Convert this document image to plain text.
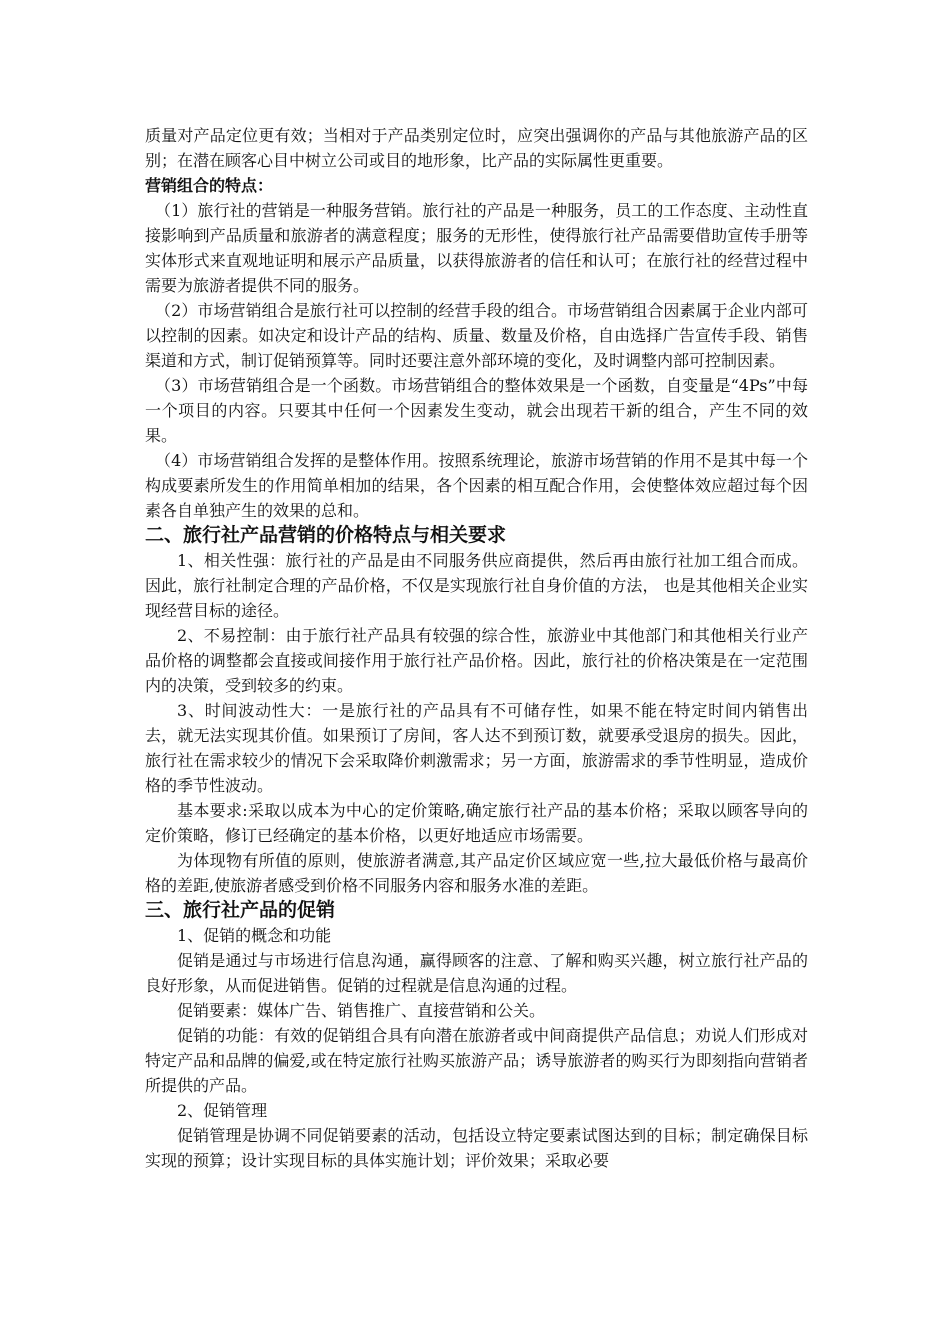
质量对产品定位更有效；当相对于产品类别定位时，应突出强调你的产品与其他旅游产品的区别；在潜在顾客心目中树立公司或目的地形象，比产品的实际属性更重要。

营销组合的特点：

（1）旅行社的营销是一种服务营销。旅行社的产品是一种服务，员工的工作态度、主动性直接影响到产品质量和旅游者的满意程度；服务的无形性，使得旅行社产品需要借助宣传手册等实体形式来直观地证明和展示产品质量，以获得旅游者的信任和认可；在旅行社的经营过程中需要为旅游者提供不同的服务。

（2）市场营销组合是旅行社可以控制的经营手段的组合。市场营销组合因素属于企业内部可以控制的因素。如决定和设计产品的结构、质量、数量及价格，自由选择广告宣传手段、销售渠道和方式，制订促销预算等。同时还要注意外部环境的变化，及时调整内部可控制因素。

（3）市场营销组合是一个函数。市场营销组合的整体效果是一个函数，自变量是“4Ps”中每一个项目的内容。只要其中任何一个因素发生变动，就会出现若干新的组合，产生不同的效果。

（4）市场营销组合发挥的是整体作用。按照系统理论，旅游市场营销的作用不是其中每一个构成要素所发生的作用简单相加的结果，各个因素的相互配合作用，会使整体效应超过每个因素各自单独产生的效果的总和。

二、旅行社产品营销的价格特点与相关要求

1、相关性强：旅行社的产品是由不同服务供应商提供，然后再由旅行社加工组合而成。因此，旅行社制定合理的产品价格，不仅是实现旅行社自身价值的方法， 也是其他相关企业实现经营目标的途径。

2、不易控制：由于旅行社产品具有较强的综合性，旅游业中其他部门和其他相关行业产品价格的调整都会直接或间接作用于旅行社产品价格。因此，旅行社的价格决策是在一定范围内的决策，受到较多的约束。

3、时间波动性大：一是旅行社的产品具有不可储存性，如果不能在特定时间内销售出去，就无法实现其价值。如果预订了房间，客人达不到预订数，就要承受退房的损失。因此，旅行社在需求较少的情况下会采取降价刺激需求；另一方面，旅游需求的季节性明显，造成价格的季节性波动。

基本要求:采取以成本为中心的定价策略,确定旅行社产品的基本价格；采取以顾客导向的定价策略，修订已经确定的基本价格，以更好地适应市场需要。

为体现物有所值的原则，使旅游者满意,其产品定价区域应宽一些,拉大最低价格与最高价格的差距,使旅游者感受到价格不同服务内容和服务水准的差距。

三、旅行社产品的促销

1、促销的概念和功能

促销是通过与市场进行信息沟通，赢得顾客的注意、了解和购买兴趣，树立旅行社产品的良好形象，从而促进销售。促销的过程就是信息沟通的过程。

促销要素：媒体广告、销售推广、直接营销和公关。

促销的功能：有效的促销组合具有向潜在旅游者或中间商提供产品信息；劝说人们形成对特定产品和品牌的偏爱,或在特定旅行社购买旅游产品；诱导旅游者的购买行为即刻指向营销者所提供的产品。

2、促销管理

促销管理是协调不同促销要素的活动，包括设立特定要素试图达到的目标；制定确保目标实现的预算；设计实现目标的具体实施计划；评价效果；采取必要
